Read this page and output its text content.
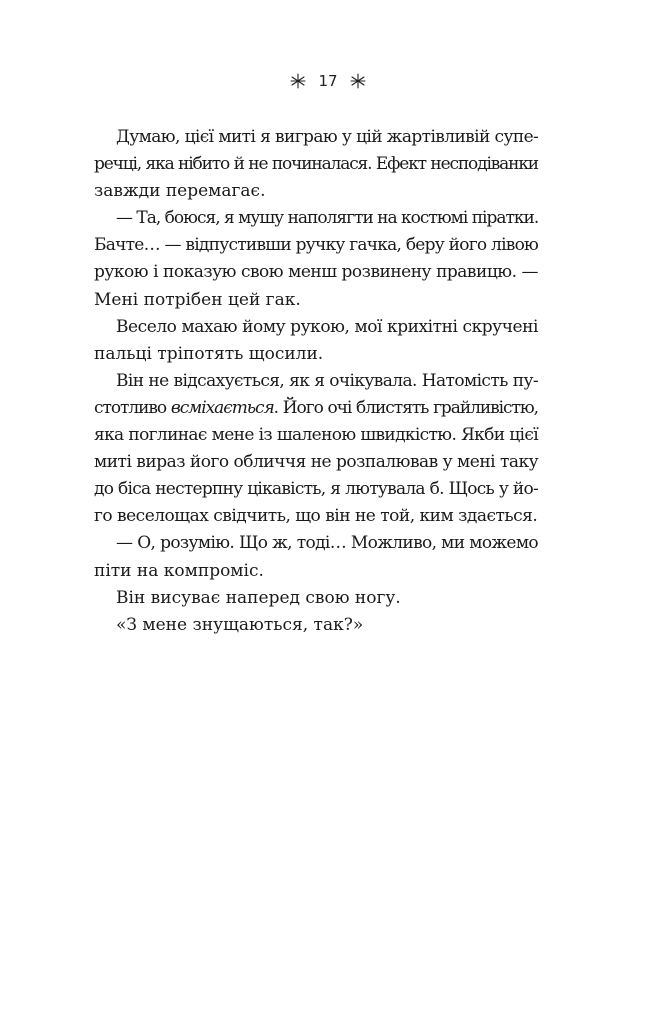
17
Думаю, цієї миті я виграю у цій жартівливій супе-
речці, яка нібито й не починалася. Ефект несподіванки
завжди перемагає.
— Та, боюся, я мушу наполягти на костюмі піратки.
Бачте… — відпустивши ручку гачка, беру його лівою
рукою і показую свою менш розвинену правицю. —
Мені потрібен цей гак.
Весело махаю йому рукою, мої крихітні скручені
пальці тріпотять щосили.
Він не відсахується, як я очікувала. Натомість пу-
стотливо всміхається. Його очі блистять грайливістю,
яка поглинає мене із шаленою швидкістю. Якби цієї
миті вираз його обличчя не розпалював у мені таку
до біса нестерпну цікавість, я лютувала б. Щось у йо-
го веселощах свідчить, що він не той, ким здається.
— О, розумію. Що ж, тоді… Можливо, ми можемо
піти на компроміс.
Він висуває наперед свою ногу.
«З мене знущаються, так?»
